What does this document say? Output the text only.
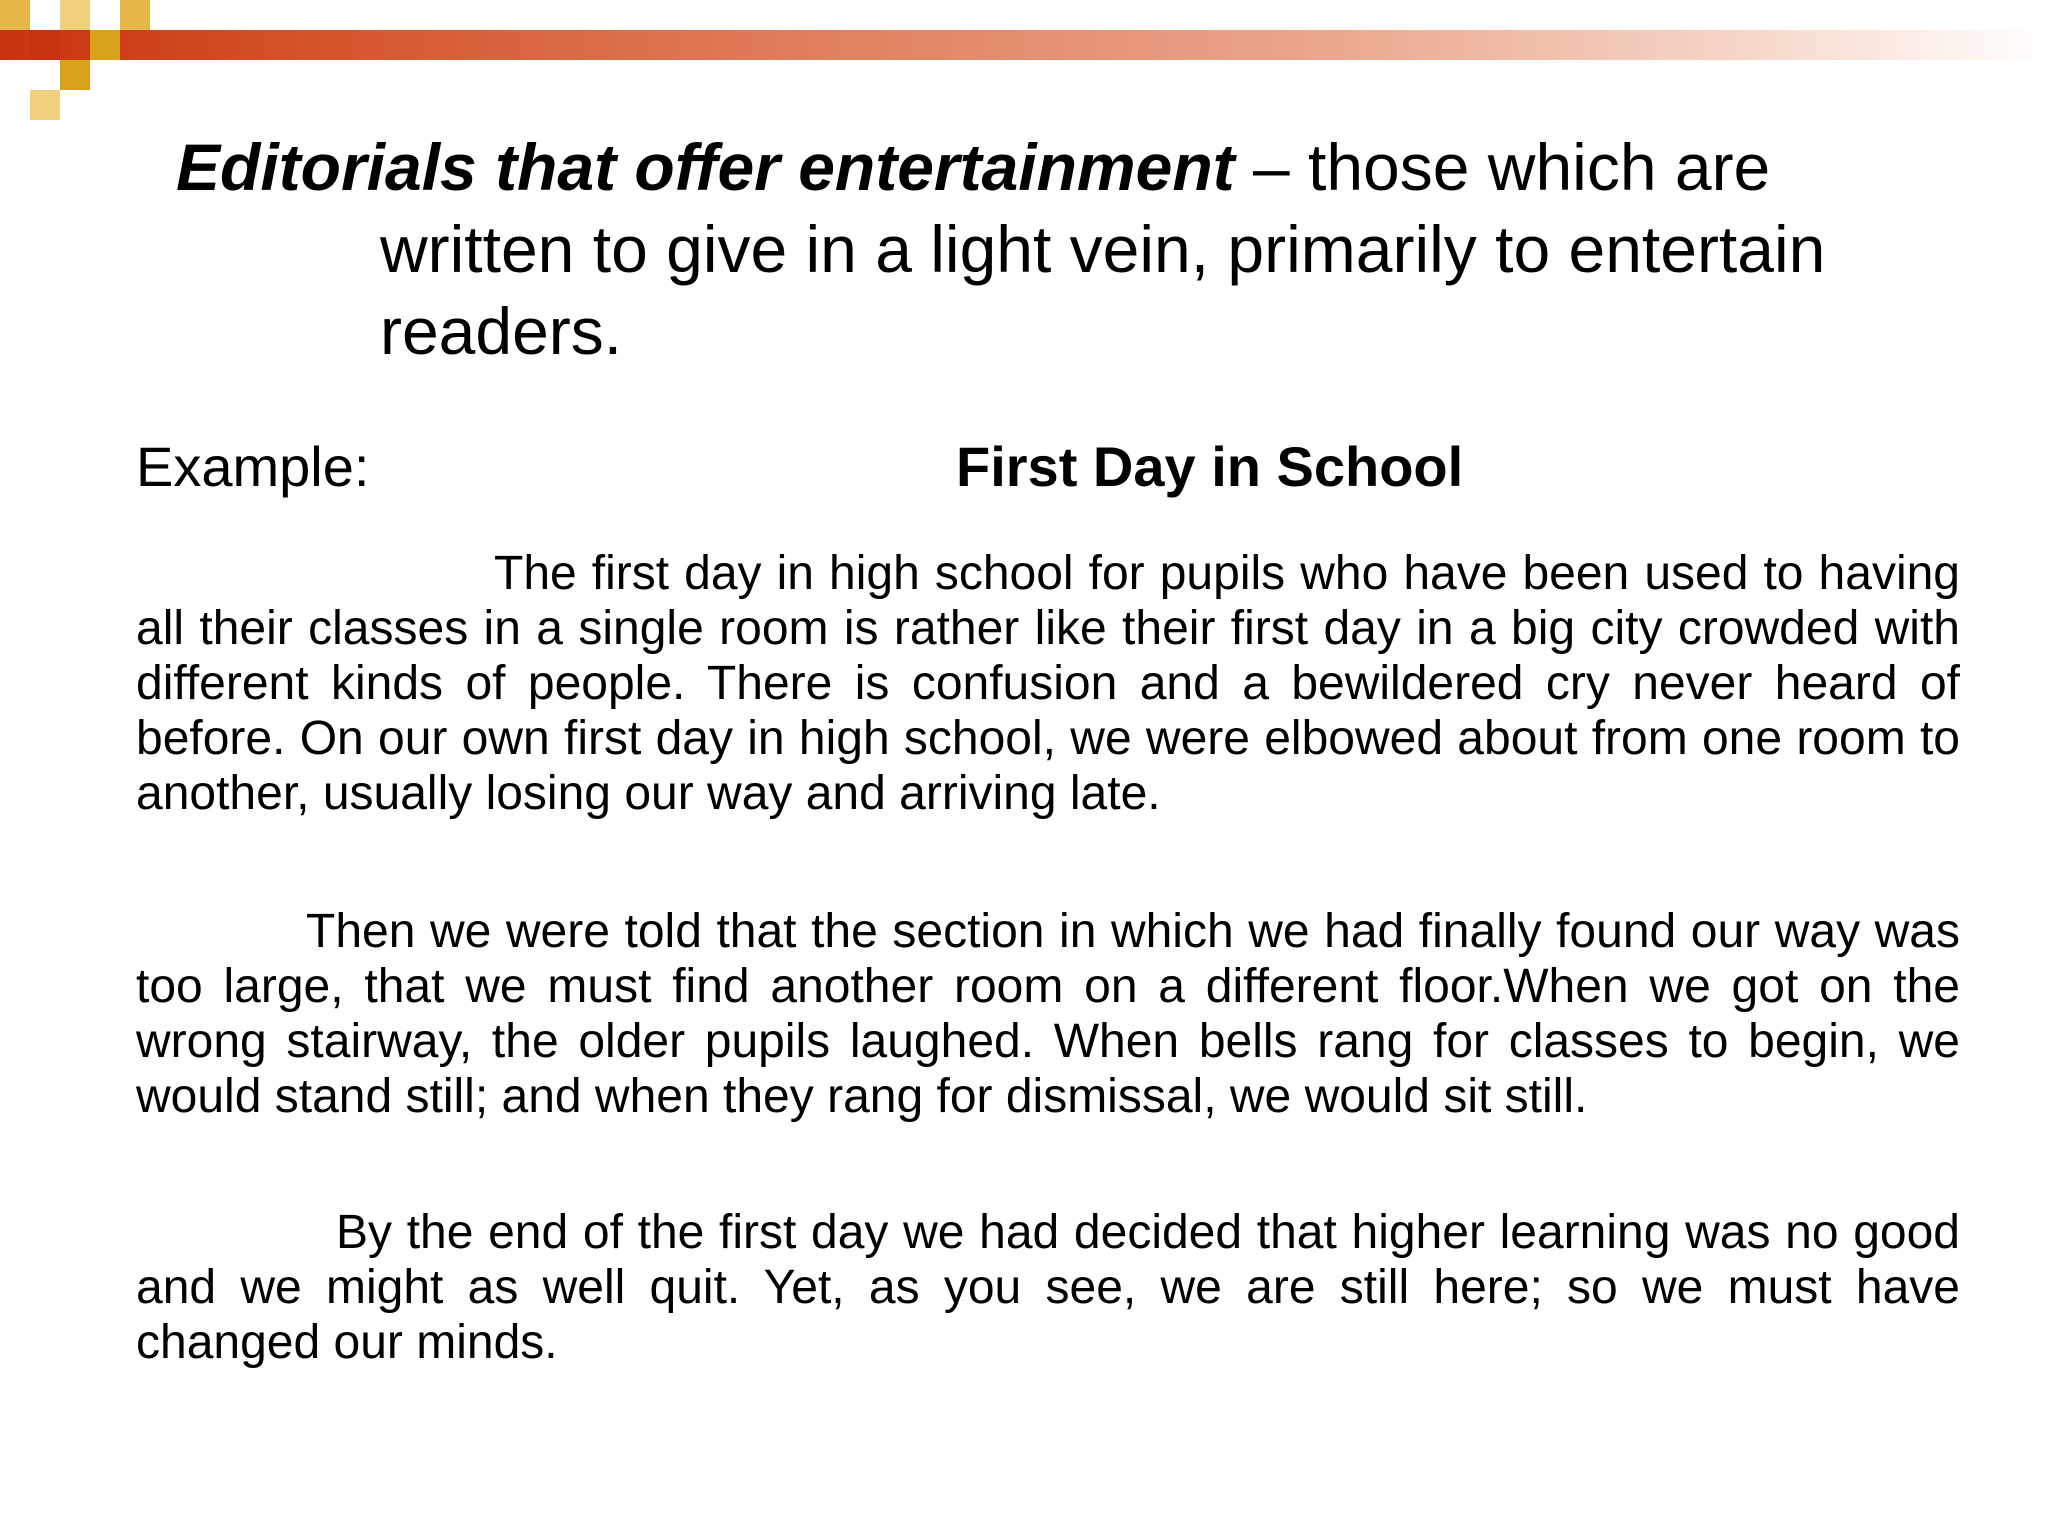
Editorials that offer entertainment – those which are
written to give in a light vein, primarily to entertain readers.
Example:	First Day in School

The first day in high school for pupils who have been used to having all their classes in a single room is rather like their first day in a big city crowded with different kinds of people. There is confusion and a bewildered cry never heard of before. On our own first day in high school, we were elbowed about from one room to another, usually losing our way and arriving late.

Then we were told that the section in which we had finally found our way was too large, that we must find another room on a different floor.When we got on the wrong stairway, the older pupils laughed. When bells rang for classes to begin, we would stand still; and when they rang for dismissal, we would sit still.

By the end of the first day we had decided that higher learning was no good and we might as well quit. Yet, as you see, we are still here; so we must have changed our minds.
